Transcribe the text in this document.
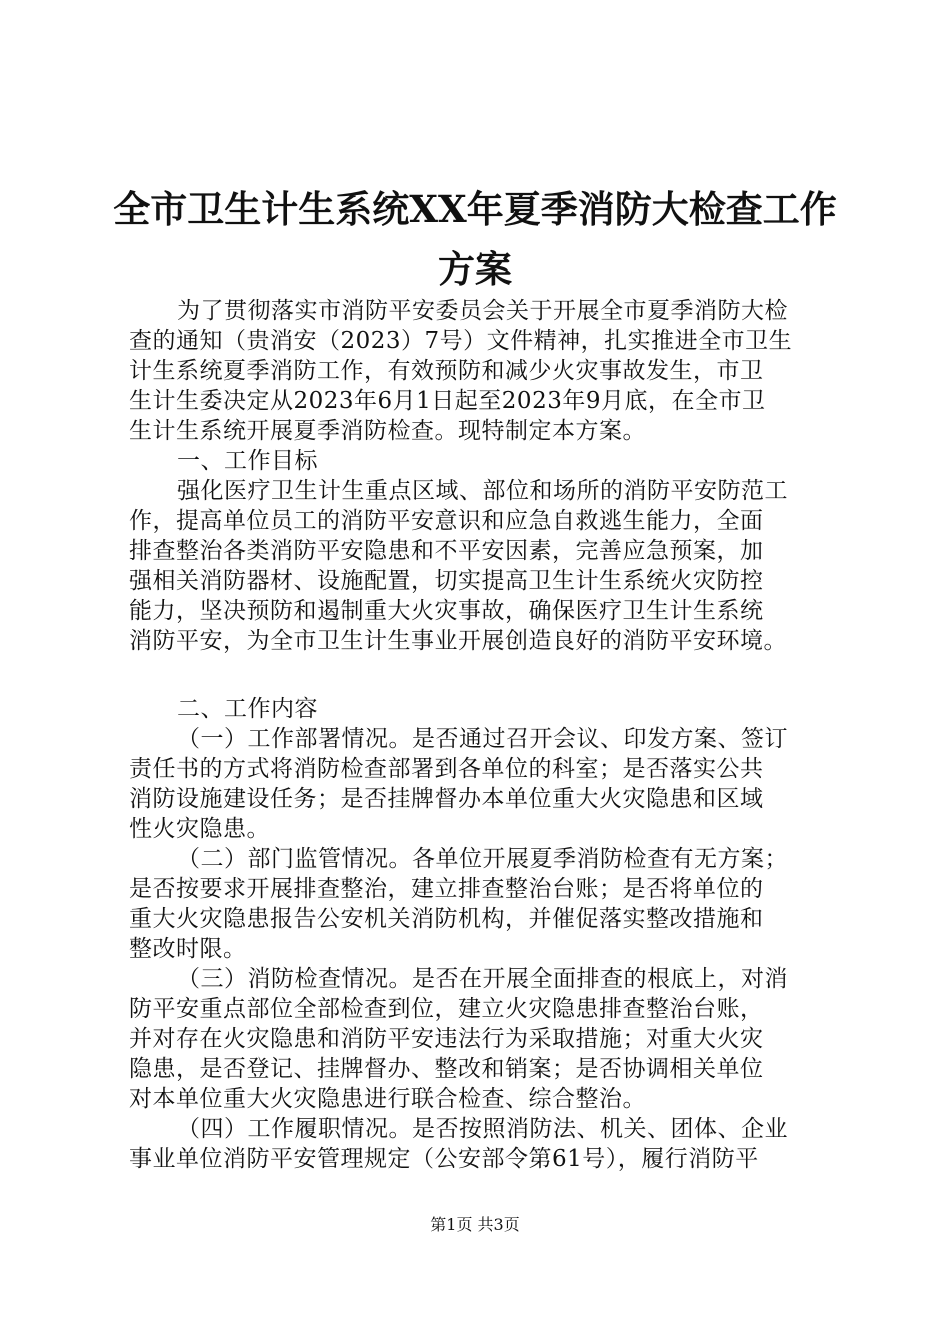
全市卫生计生系统XX年夏季消防大检查工作
方案
为了贯彻落实市消防平安委员会关于开展全市夏季消防大检
查的通知（贵消安（2023）7号）文件精神，扎实推进全市卫生
计生系统夏季消防工作，有效预防和减少火灾事故发生，市卫
生计生委决定从2023年6月1日起至2023年9月底，在全市卫
生计生系统开展夏季消防检查。现特制定本方案。
一、工作目标
强化医疗卫生计生重点区域、部位和场所的消防平安防范工
作，提高单位员工的消防平安意识和应急自救逃生能力，全面
排查整治各类消防平安隐患和不平安因素，完善应急预案，加
强相关消防器材、设施配置，切实提高卫生计生系统火灾防控
能力，坚决预防和遏制重大火灾事故，确保医疗卫生计生系统
消防平安，为全市卫生计生事业开展创造良好的消防平安环境。
二、工作内容
（一）工作部署情况。是否通过召开会议、印发方案、签订
责任书的方式将消防检查部署到各单位的科室；是否落实公共
消防设施建设任务；是否挂牌督办本单位重大火灾隐患和区域
性火灾隐患。
（二）部门监管情况。各单位开展夏季消防检查有无方案；
是否按要求开展排查整治，建立排查整治台账；是否将单位的
重大火灾隐患报告公安机关消防机构，并催促落实整改措施和
整改时限。
（三）消防检查情况。是否在开展全面排查的根底上，对消
防平安重点部位全部检查到位，建立火灾隐患排查整治台账，
并对存在火灾隐患和消防平安违法行为采取措施；对重大火灾
隐患，是否登记、挂牌督办、整改和销案；是否协调相关单位
对本单位重大火灾隐患进行联合检查、综合整治。
（四）工作履职情况。是否按照消防法、机关、团体、企业
事业单位消防平安管理规定（公安部令第61号），履行消防平
第1页 共3页
